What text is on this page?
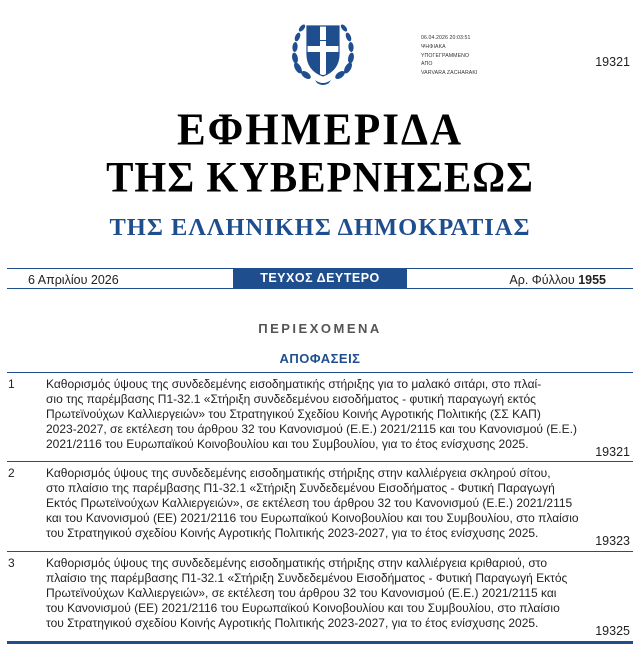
06.04.2026 20:03:51
ΨΗΦΙΑΚΑ
ΥΠΟΓΕΓΡΑΜΜΕΝΟ
ΑΠΟ
VARVARA ZACHARAKI
19321
ΕΦΗΜΕΡΙΔΑ
ΤΗΣ ΚΥΒΕΡΝΗΣΕΩΣ
ΤΗΣ ΕΛΛΗΝΙΚΗΣ ΔΗΜΟΚΡΑΤΙΑΣ
6 Απριλίου 2026	ΤΕΥΧΟΣ ΔΕΥΤΕΡΟ	Αρ. Φύλλου 1955
ΠΕΡΙΕΧΟΜΕΝΑ
ΑΠΟΦΑΣΕΙΣ
1	Καθορισμός ύψους της συνδεδεμένης εισοδηματικής στήριξης για το μαλακό σιτάρι, στο πλαί-
σιο της παρέμβασης Π1-32.1 «Στήριξη συνδεδεμένου εισοδήματος - φυτική παραγωγή εκτός
Πρωτεϊνούχων Καλλιεργειών» του Στρατηγικού Σχεδίου Κοινής Αγροτικής Πολιτικής (ΣΣ ΚΑΠ)
2023-2027, σε εκτέλεση του άρθρου 32 του Κανονισμού (Ε.Ε.) 2021/2115 και του Κανονισμού (Ε.Ε.)
2021/2116 του Ευρωπαϊκού Κοινοβουλίου και του Συμβουλίου, για το έτος ενίσχυσης 2025.
19321
2	Καθορισμός ύψους της συνδεδεμένης εισοδηματικής στήριξης στην καλλιέργεια σκληρού σίτου,
στο πλαίσιο της παρέμβασης Π1-32.1 «Στήριξη Συνδεδεμένου Εισοδήματος - Φυτική Παραγωγή
Εκτός Πρωτεϊνούχων Καλλιεργειών», σε εκτέλεση του άρθρου 32 του Κανονισμού (Ε.Ε.) 2021/2115
και του Κανονισμού (ΕΕ) 2021/2116 του Ευρωπαϊκού Κοινοβουλίου και του Συμβουλίου, στο πλαίσιο
του Στρατηγικού σχεδίου Κοινής Αγροτικής Πολιτικής 2023-2027, για το έτος ενίσχυσης 2025.
19323
3	Καθορισμός ύψους της συνδεδεμένης εισοδηματικής στήριξης στην καλλιέργεια κριθαριού, στο
πλαίσιο της παρέμβασης Π1-32.1 «Στήριξη Συνδεδεμένου Εισοδήματος - Φυτική Παραγωγή Εκτός
Πρωτεϊνούχων Καλλιεργειών», σε εκτέλεση του άρθρου 32 του Κανονισμού (Ε.Ε.) 2021/2115 και
του Κανονισμού (ΕΕ) 2021/2116 του Ευρωπαϊκού Κοινοβουλίου και του Συμβουλίου, στο πλαίσιο
του Στρατηγικού σχεδίου Κοινής Αγροτικής Πολιτικής 2023-2027, για το έτος ενίσχυσης 2025.
19325
